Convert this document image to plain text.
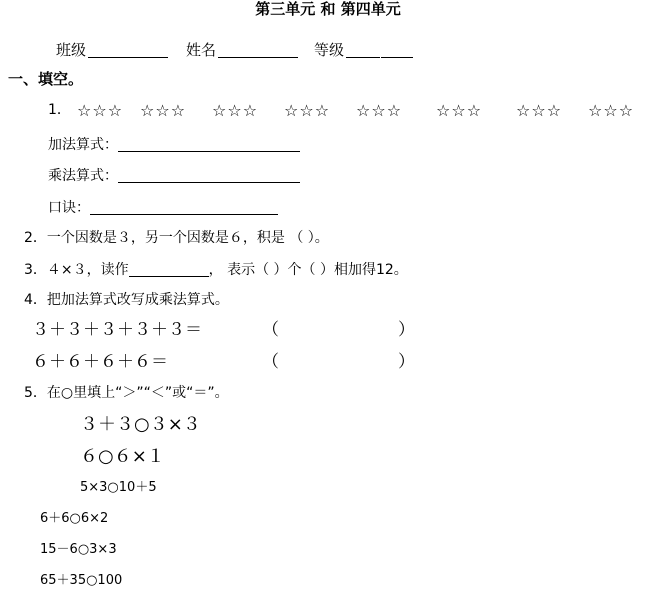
第三单元 和 第四单元
班级	姓名	等级
一、填空。
1． ☆☆☆ ☆☆☆ ☆☆☆ ☆☆☆ ☆☆☆ ☆☆☆ ☆☆☆ ☆☆☆
加法算式：
乘法算式：
口诀：
2．一个因数是３，另一个因数是６，积是 （ ）。
3．４×３，读作	， 表示（ ）个（ ）相加得12。
4．把加法算式改写成乘法算式。
３＋３＋３＋３＋３＝	（	）
６＋６＋６＋６＝	（	）
5．在○里填上“＞”“＜”或“＝”。
３＋３○３×３
６○６×１
5×3○10＋5
6＋6○6×2
15－6○3×3
65＋35○100
